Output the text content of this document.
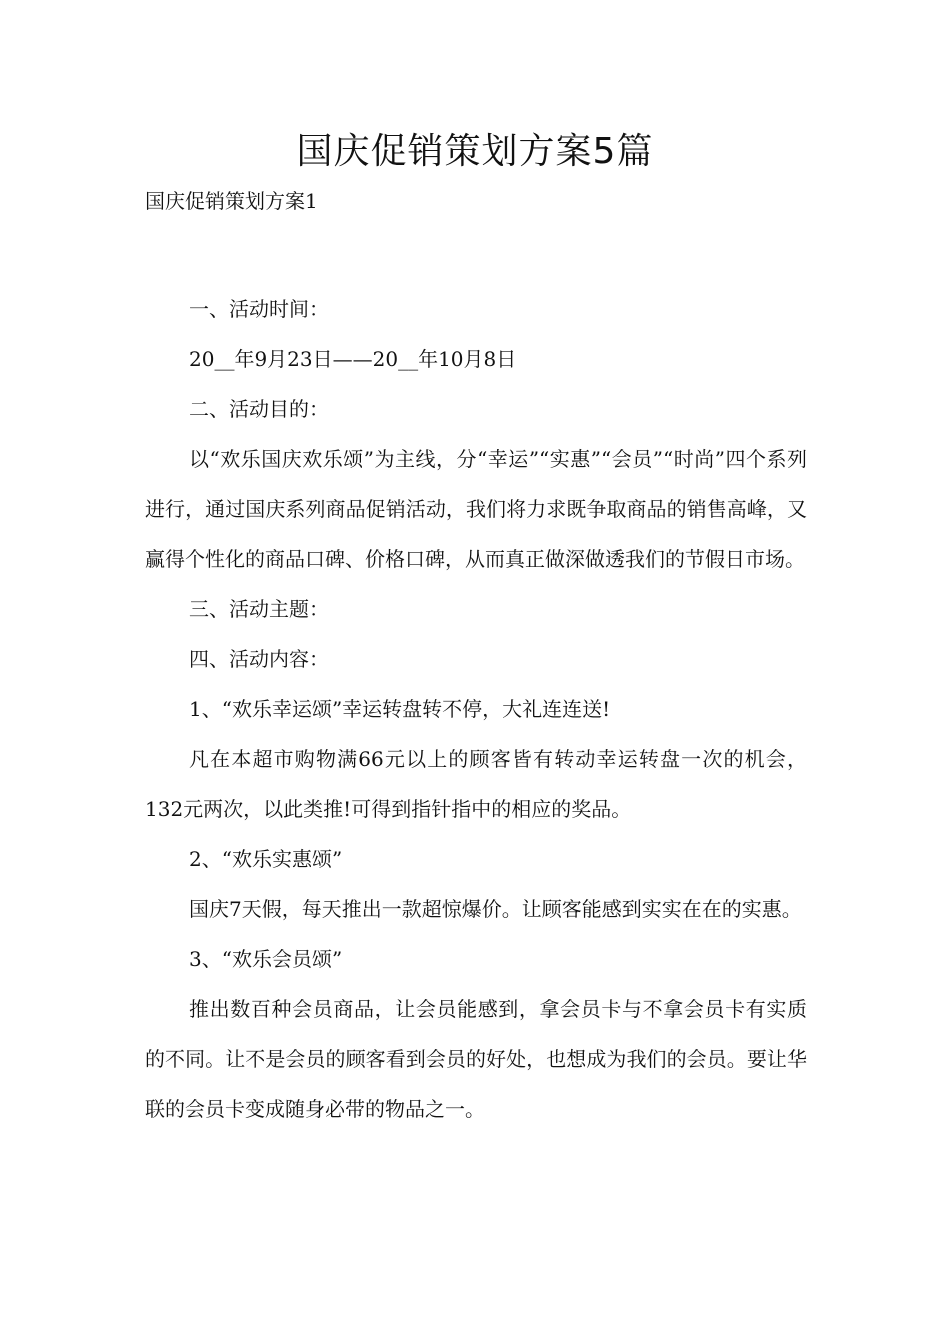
国庆促销策划方案5篇
国庆促销策划方案1

一、活动时间：

20__年9月23日——20__年10月8日

二、活动目的：

以“欢乐国庆欢乐颂”为主线，分“幸运”“实惠”“会员”“时尚”四个系列进行，通过国庆系列商品促销活动，我们将力求既争取商品的销售高峰，又赢得个性化的商品口碑、价格口碑，从而真正做深做透我们的节假日市场。

三、活动主题：

四、活动内容：

1、“欢乐幸运颂”幸运转盘转不停，大礼连连送!

凡在本超市购物满66元以上的顾客皆有转动幸运转盘一次的机会，132元两次，以此类推!可得到指针指中的相应的奖品。

2、“欢乐实惠颂”

国庆7天假，每天推出一款超惊爆价。让顾客能感到实实在在的实惠。

3、“欢乐会员颂”

推出数百种会员商品，让会员能感到，拿会员卡与不拿会员卡有实质的不同。让不是会员的顾客看到会员的好处，也想成为我们的会员。要让华联的会员卡变成随身必带的物品之一。
